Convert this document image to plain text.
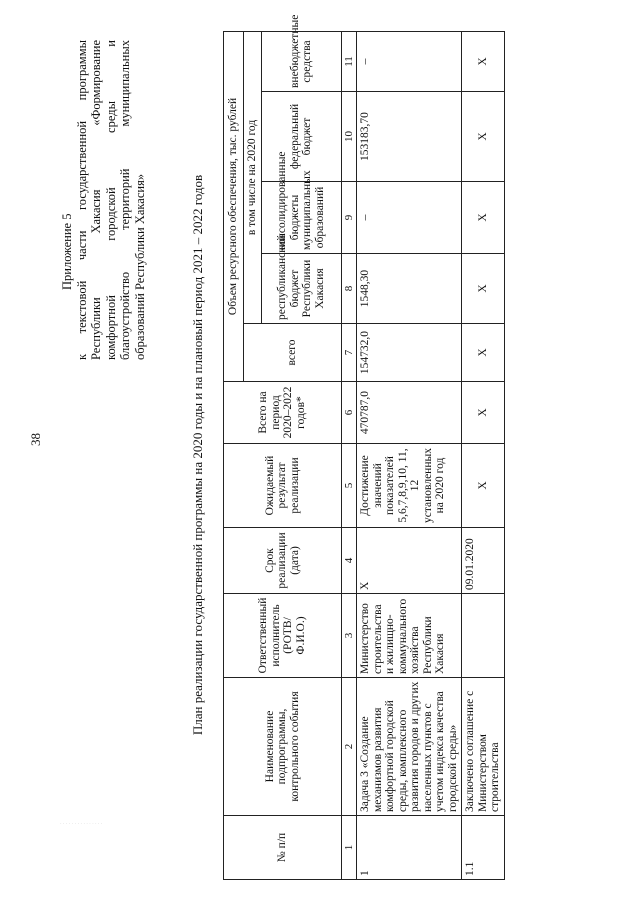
38
· · · · · · · · · · · · · · ·
Приложение 5 к текстовой части государственной программы Республики Хакасия «Формирование комфортной городской среды и благоустройство территорий муниципальных образований Республики Хакасия»	План реализации государственной программы на 2020 годы и на плановый период 2021 – 2022 годов
№ п/п	Наименование подпрограммы, контрольного события	Ответственный исполнитель (РОТВ/ Ф.И.О.)	Срок реализации (дата)	Ожидаемый результат реализации	Всего на период 2020–2022 годов*	Объем ресурсного обеспечения, тыс. рублей				
						всего	в том числе на 2020 год			
							республиканский бюджет Республики Хакасия	консолидированные бюджеты муниципальных образований	федеральный бюджет	внебюджетные средства
1	2	3	4	5	6	7	8	9	10	11
1	Задача 3 «Создание механизмов развития комфортной городской среды, комплексного развития городов и других населенных пунктов с учетом индекса качества городской среды»	Министерство строительства и жилищно-коммунального хозяйства Республики Хакасия	X	Достижение значений показателей 5,6,7,8,9,10, 11, 12 установленных на 2020 год	470787,0	154732,0	1548,30	–	153183,70	–
1.1	Заключено соглашение с Министерством строительства		09.01.2020	X	X	X	X	X	X	X
